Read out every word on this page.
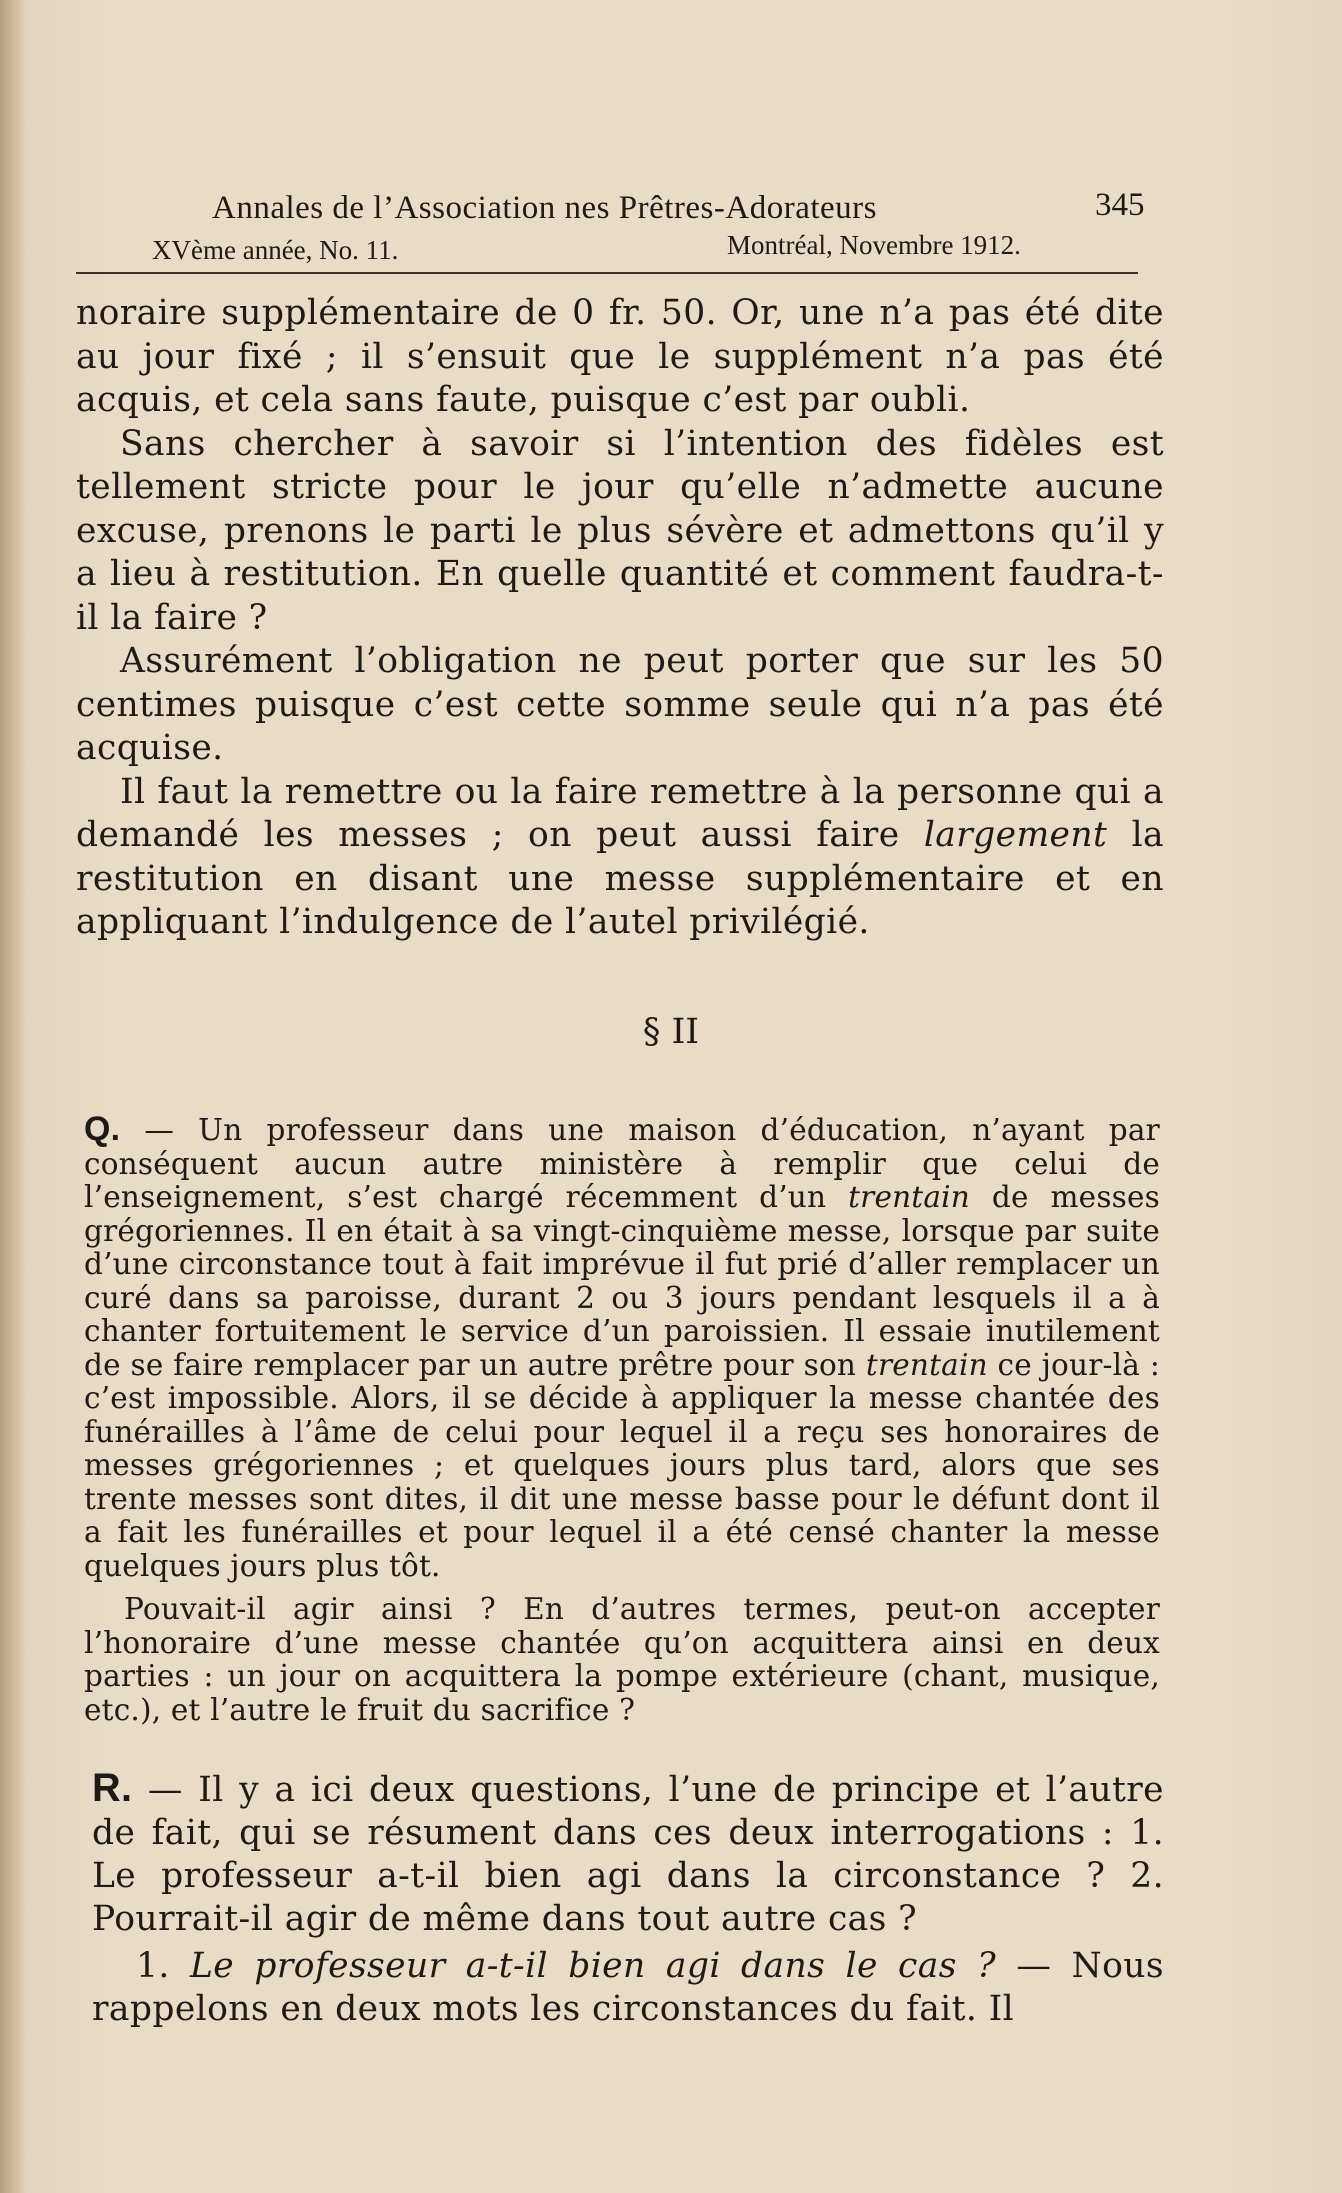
Annales de l’Association nes Prêtres-Adorateurs	345
XVème année, No. 11.	Montréal, Novembre 1912.

noraire supplémentaire de 0 fr. 50. Or, une n’a pas été dite au jour fixé ; il s’ensuit que le supplément n’a pas été acquis, et cela sans faute, puisque c’est par oubli.

Sans chercher à savoir si l’intention des fidèles est tellement stricte pour le jour qu’elle n’admette aucune excuse, prenons le parti le plus sévère et admettons qu’il y a lieu à restitution. En quelle quantité et comment faudra-t-il la faire ?

Assurément l’obligation ne peut porter que sur les 50 centimes puisque c’est cette somme seule qui n’a pas été acquise.

Il faut la remettre ou la faire remettre à la personne qui a demandé les messes ; on peut aussi faire largement la restitution en disant une messe supplémentaire et en appliquant l’indulgence de l’autel privilégié.

§ II

Q. — Un professeur dans une maison d’éducation, n’ayant par conséquent aucun autre ministère à remplir que celui de l’enseignement, s’est chargé récemment d’un trentain de messes grégoriennes. Il en était à sa vingt-cinquième messe, lorsque par suite d’une circonstance tout à fait imprévue il fut prié d’aller remplacer un curé dans sa paroisse, durant 2 ou 3 jours pendant lesquels il a à chanter fortuitement le service d’un paroissien. Il essaie inutilement de se faire remplacer par un autre prêtre pour son trentain ce jour-là : c’est impossible. Alors, il se décide à appliquer la messe chantée des funérailles à l’âme de celui pour lequel il a reçu ses honoraires de messes grégoriennes ; et quelques jours plus tard, alors que ses trente messes sont dites, il dit une messe basse pour le défunt dont il a fait les funérailles et pour lequel il a été censé chanter la messe quelques jours plus tôt.

Pouvait-il agir ainsi ? En d’autres termes, peut-on accepter l’honoraire d’une messe chantée qu’on acquittera ainsi en deux parties : un jour on acquittera la pompe extérieure (chant, musique, etc.), et l’autre le fruit du sacrifice ?

R. — Il y a ici deux questions, l’une de principe et l’autre de fait, qui se résument dans ces deux interrogations : 1. Le professeur a-t-il bien agi dans la circonstance ? 2. Pourrait-il agir de même dans tout autre cas ?

1. Le professeur a-t-il bien agi dans le cas ? — Nous rappelons en deux mots les circonstances du fait. Il
